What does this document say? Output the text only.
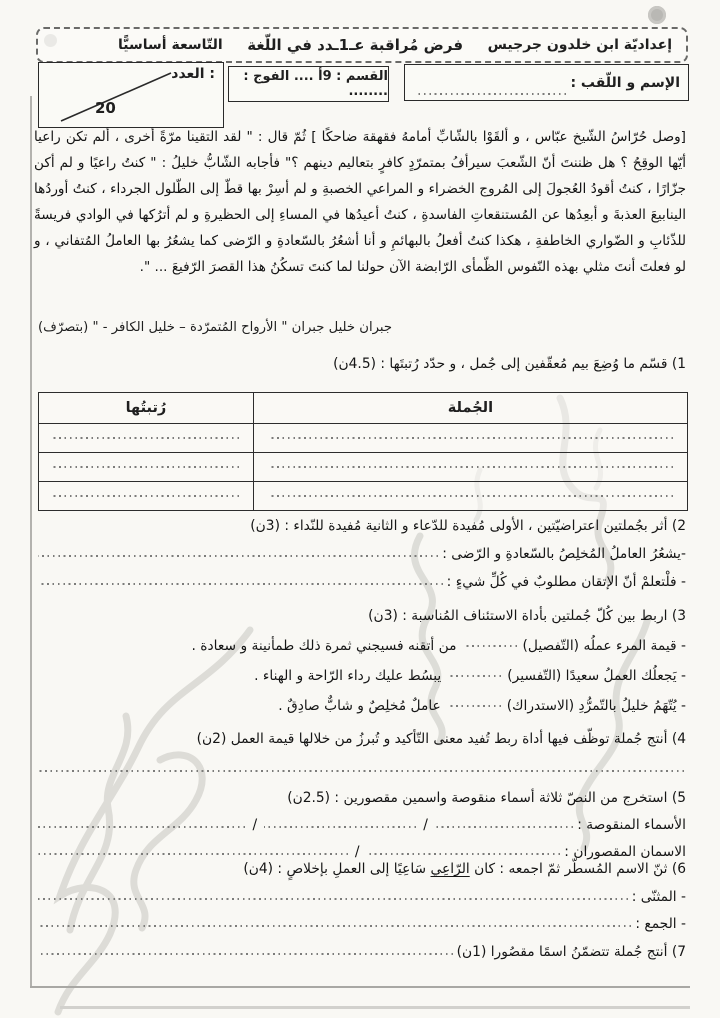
إعداديّة ابن خلدون جرجيس
فرض مُراقبة عـ1ـدد في اللّغة
التّاسعة أساسيًّا
الإسم و اللّقب :
القسم : 9أ .... الفوج : ........
العدد :
20
[وصل حُرّاسُ الشّيخ عبّاس ، و ألقَوْا بالشّابِّ أمامهُ فقهقهَ ضاحكًا ] ثُمّ قال : " لقد التقينا مرّةً أخرى ، ألم تكن راعيا أيّها الوقِحُ ؟ هل ظننتَ أنّ الشّعبَ سيرأفُ بمتمرّدٍ كافرٍ بتعاليم دينهم ؟" فأجابه الشّابُّ خليلُ : " كنتُ راعيًا و لم أكن جزّارًا ، كنتُ أقودُ العُجولَ إلى المُروج الخضراء و المراعي الخصبةِ و لم أسِرْ بها قطّ إلى الطّلول الجرداء ، كنتُ أوردُها الينابيعَ العذبةَ و أبعِدُها عن المُستنقعاتِ الفاسدةِ ، كنتُ أعيدُها في المساءِ إلى الحظيرةِ و لم أترُكها في الوادي فريسةً للذّئابِ و الضّواري الخاطفةِ ، هكذا كنتُ أفعلُ بالبهائمِ و أنا أشعُرُ بالسّعادةِ و الرّضى كما يشعُرُ بها العاملُ المُتفاني ، و لو فعلتَ أنتَ مثلي بهذه النّفوس الظّمأى الرّابضة الآن حولنا لما كنتَ تسكُنُ هذا القصرَ الرّفيعَ ... ".
جبران خليل جبران " الأرواح المُتمرّدة – خليل الكافر - " (بتصرّف)
1) قسّم ما وُضِعَ بيم مُعقّفين إلى جُمل ، و حدّد رُتبتَها : (4.5ن)
الجُملة
رُتبتُها
2) أثر بجُملتين اعتراضيّتين ، الأولى مُفيدة للدّعاء و الثانية مُفيدة للنّداء : (3ن)
-يشعُرُ العاملُ المُخلِصُ بالسّعادةِ و الرّضى :
- فلْتعلمْ أنّ الإتقان مطلوبٌ في كُلِّ شيءٍ :
3) اربط بين كُلّ جُملتين بأداة الاستئناف المُناسبة : (3ن)
- قيمة المرء عملُه (التّفصيل)من أتقنه فسيجني ثمرة ذلك طمأنينة و سعادة .
- يَجعلُك العملُ سعيدًا (التّفسير)يبسُط عليك رداء الرّاحة و الهناء .
- يُتّهَمُ خليلُ بالتّمرُّدِ (الاستدراك)عاملٌ مُخلِصٌ و شابٌّ صادِقٌ .
4) أنتج جُملة توظّف فيها أداة ربط تُفيد معنى التّأكيد و تُبرزُ من خلالها قيمة العمل (2ن)
5) استخرج من النصّ ثلاثة أسماء منقوصة واسمين مقصورين : (2.5ن)
الأسماء المنقوصة :
/
/
الاسمان المقصوران :
/
6) ثنّ الاسم المُسطّر ثمّ اجمعه : كان الرّاعِي سَاعِيًا إلى العملِ بإخلاصٍ : (4ن)
- المثنّى :
- الجمع :
7) أنتج جُملة تتضمّنُ اسمًا مقصُورا (1ن)
